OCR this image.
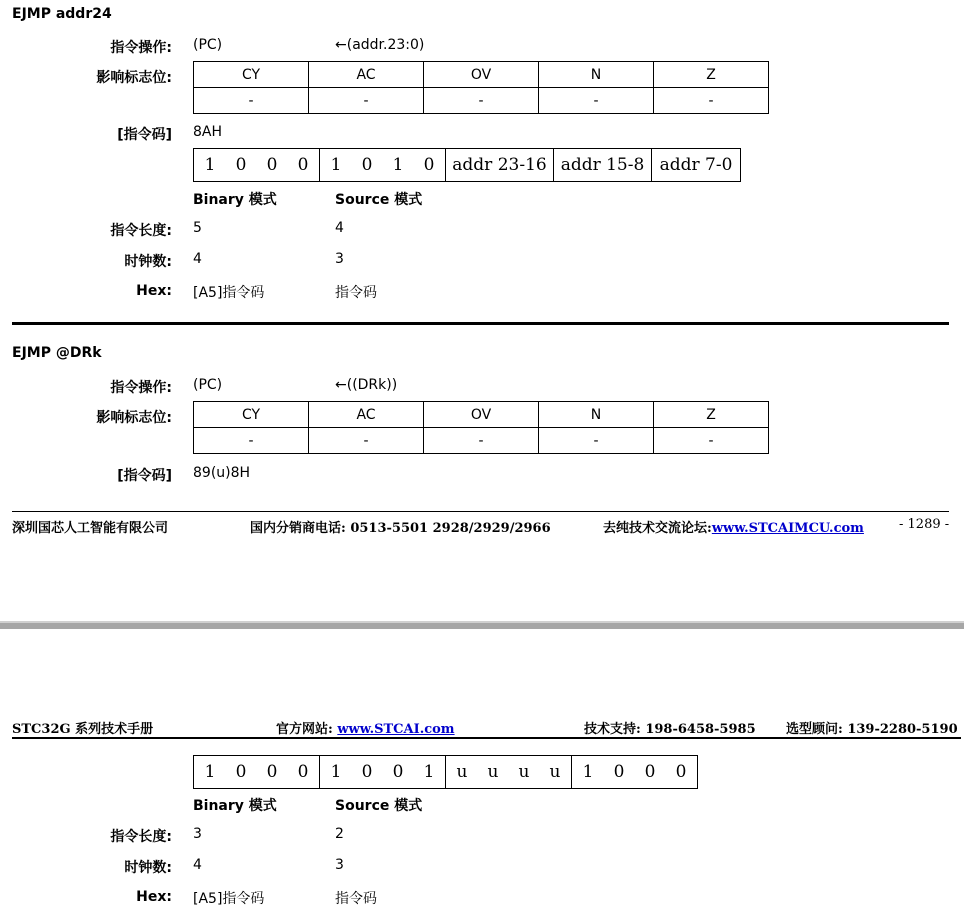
EJMP addr24
指令操作: (PC)	←(addr.23:0)
影响标志位:	CY	AC	OV	N	Z
-	-	-	-	-
[指令码] 8AH
1 0 0 0	1 0 1 0	addr 23-16	addr 15-8	addr 7-0
Binary 模式	Source 模式
指令长度: 5	4
时钟数: 4	3
Hex: [A5]指令码	指令码
EJMP @DRk
指令操作: (PC)	←((DRk))
影响标志位:	CY	AC	OV	N	Z
-	-	-	-	-
[指令码] 89(u)8H
深圳国芯人工智能有限公司	国内分销商电话: 0513-5501 2928/2929/2966	去纯技术交流论坛:www.STCAIMCU.com	- 1289 -
STC32G 系列技术手册	官方网站: www.STCAI.com	技术支持: 198-6458-5985 选型顾问: 139-2280-5190
1 0 0 0	1 0 0 1	u u u u	1 0 0 0
Binary 模式	Source 模式
指令长度: 3	2
时钟数: 4	3
Hex: [A5]指令码	指令码
